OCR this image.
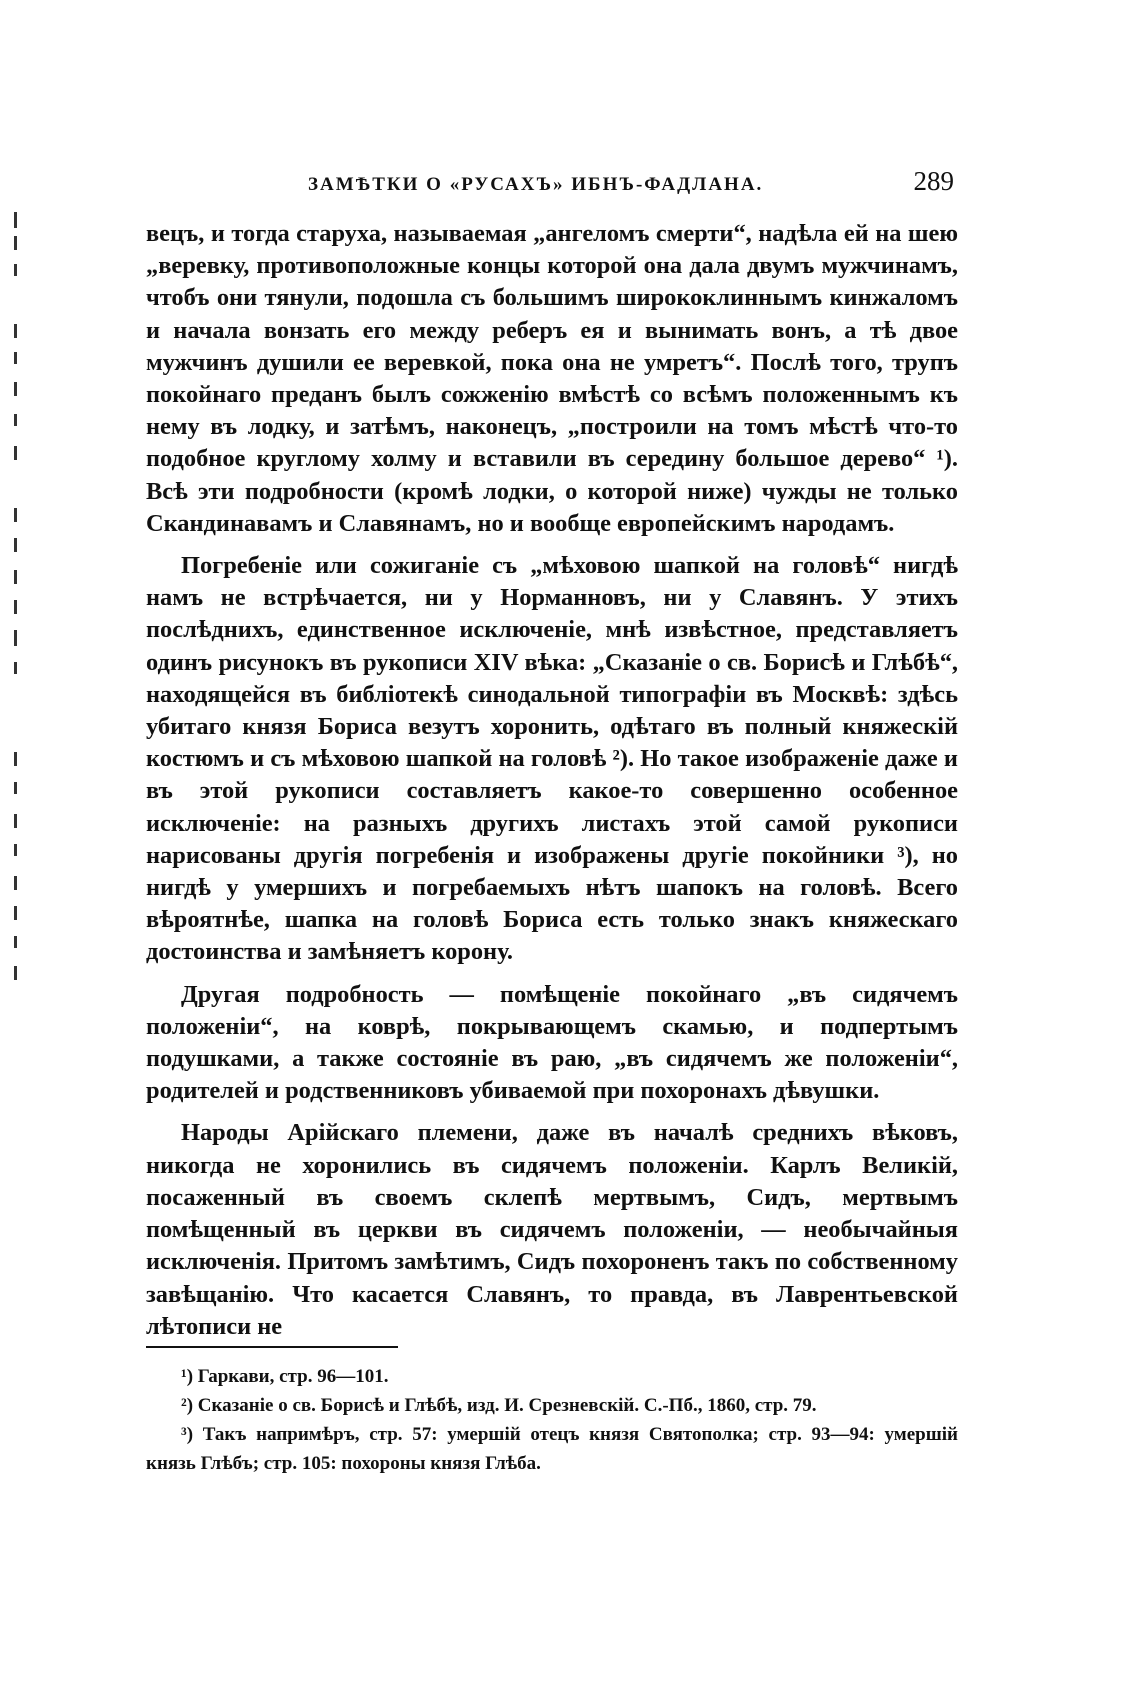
ЗАМѢТКИ О «РУСАХЪ» ИБНЪ-ФАДЛАНА.	289

вецъ, и тогда старуха, называемая „ангеломъ смерти“, надѣла ей на шею „веревку, противоположные концы которой она дала двумъ мужчинамъ, чтобъ они тянули, подошла съ большимъ ширококлиннымъ кинжаломъ и начала вонзать его между реберъ ея и вынимать вонъ, а тѣ двое мужчинъ душили ее веревкой, пока она не умретъ“. Послѣ того, трупъ покойнаго преданъ былъ сожженію вмѣстѣ со всѣмъ положеннымъ къ нему въ лодку, и затѣмъ, наконецъ, „построили на томъ мѣстѣ что-то подобное круглому холму и вставили въ середину большое дерево“ ¹). Всѣ эти подробности (кромѣ лодки, о которой ниже) чужды не только Скандинавамъ и Славянамъ, но и вообще европейскимъ народамъ.

Погребеніе или сожиганіе съ „мѣховою шапкой на головѣ“ нигдѣ намъ не встрѣчается, ни у Норманновъ, ни у Славянъ. У этихъ послѣднихъ, единственное исключеніе, мнѣ извѣстное, представляетъ одинъ рисунокъ въ рукописи XIV вѣка: „Сказаніе о св. Борисѣ и Глѣбѣ“, находящейся въ библіотекѣ синодальной типографіи въ Москвѣ: здѣсь убитаго князя Бориса везутъ хоронить, одѣтаго въ полный княжескій костюмъ и съ мѣховою шапкой на головѣ ²). Но такое изображеніе даже и въ этой рукописи составляетъ какое-то совершенно особенное исключеніе: на разныхъ другихъ листахъ этой самой рукописи нарисованы другія погребенія и изображены другіе покойники ³), но нигдѣ у умершихъ и погребаемыхъ нѣтъ шапокъ на головѣ. Всего вѣроятнѣе, шапка на головѣ Бориса есть только знакъ княжескаго достоинства и замѣняетъ корону.

Другая подробность — помѣщеніе покойнаго „въ сидячемъ положеніи“, на коврѣ, покрывающемъ скамью, и подпертымъ подушками, а также состояніе въ раю, „въ сидячемъ же положеніи“, родителей и родственниковъ убиваемой при похоронахъ дѣвушки.

Народы Арійскаго племени, даже въ началѣ среднихъ вѣковъ, никогда не хоронились въ сидячемъ положеніи. Карлъ Великій, посаженный въ своемъ склепѣ мертвымъ, Сидъ, мертвымъ помѣщенный въ церкви въ сидячемъ положеніи, — необычайныя исключенія. Притомъ замѣтимъ, Сидъ похороненъ такъ по собственному завѣщанію. Что касается Славянъ, то правда, въ Лаврентьевской лѣтописи не

¹) Гаркави, стр. 96—101.

²) Сказаніе о св. Борисѣ и Глѣбѣ, изд. И. Срезневскій. С.-Пб., 1860, стр. 79.

³) Такъ напримѣръ, стр. 57: умершій отецъ князя Святополка; стр. 93—94: умершій князь Глѣбъ; стр. 105: похороны князя Глѣба.
